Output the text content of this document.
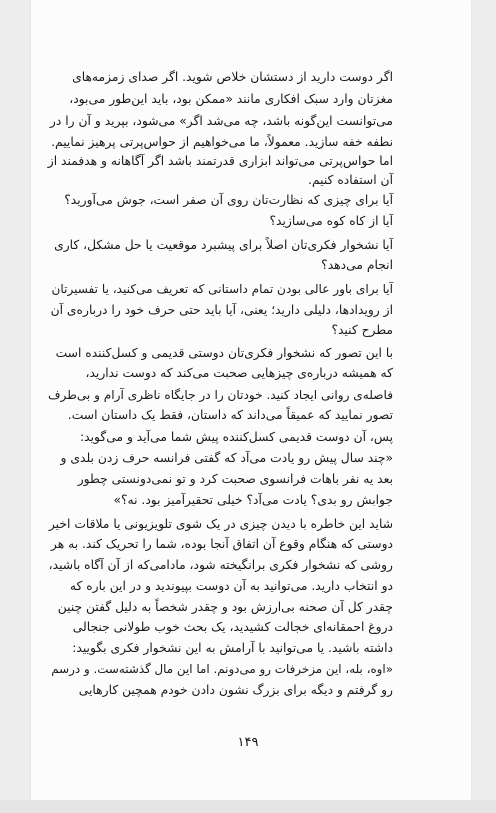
اگر دوست دارید از دستشان خلاص شوید. اگر صدای زمزمه‌های
مغزتان وارد سبک افکاری مانند «ممکن بود، باید این‌طور می‌بود،
می‌توانست این‌گونه باشد، چه می‌شد اگر» می‌شود، بپرید و آن را در
نطفه خفه سازید. معمولاً، ما می‌خواهیم از حواس‌پرتی پرهیز نماییم.
اما حواس‌پرتی می‌تواند ابزاری قدرتمند باشد اگر آگاهانه و هدفمند از
آن استفاده کنیم.
آیا برای چیزی که نظارت‌تان روی آن صفر است، جوش می‌آورید؟
آیا از کاه کوه می‌سازید؟
آیا نشخوار فکری‌تان اصلاً برای پیشبرد موقعیت یا حل مشکل، کاری
انجام می‌دهد؟
آیا برای باور عالی بودن تمام داستانی که تعریف می‌کنید، یا تفسیرتان
از رویدادها، دلیلی دارید؛ یعنی، آیا باید حتی حرف خود را درباره‌ی آن
مطرح کنید؟
با این تصور که نشخوار فکری‌تان دوستی قدیمی و کسل‌کننده است
که همیشه درباره‌ی چیزهایی صحبت می‌کند که دوست ندارید،
فاصله‌ی روانی ایجاد کنید. خودتان را در جایگاه ناظری آرام و بی‌طرف
تصور نمایید که عمیقاً می‌داند که داستان، فقط یک داستان است.
پس، آن دوست قدیمی کسل‌کننده پیش شما می‌آید و می‌گوید:
«چند سال پیش رو یادت می‌آد که گفتی فرانسه حرف زدن بلدی و
بعد یه نفر باهات فرانسوی صحبت کرد و تو نمی‌دونستی چطور
جوابش رو بدی؟ یادت می‌آد؟ خیلی تحقیرآمیز بود. نه؟»
شاید این خاطره با دیدن چیزی در یک شوی تلویزیونی یا ملاقات اخیر
دوستی که هنگام وقوع آن اتفاق آنجا بوده، شما را تحریک کند. به هر
روشی که نشخوار فکری برانگیخته شود، مادامی‌که از آن آگاه باشید،
دو انتخاب دارید. می‌توانید به آن دوست بپیوندید و در این باره که
چقدر کل آن صحنه بی‌ارزش بود و چقدر شخصاً به دلیل گفتن چنین
دروغ احمقانه‌ای خجالت کشیدید، یک بحث خوب طولانی جنجالی
داشته باشید. یا می‌توانید با آرامش به این نشخوار فکری بگویید:
«اوه، بله، این مزخرفات رو می‌دونم. اما این مال گذشته‌ست. و درسم
رو گرفتم و دیگه برای بزرگ نشون دادن خودم همچین کارهایی
۱۴۹
